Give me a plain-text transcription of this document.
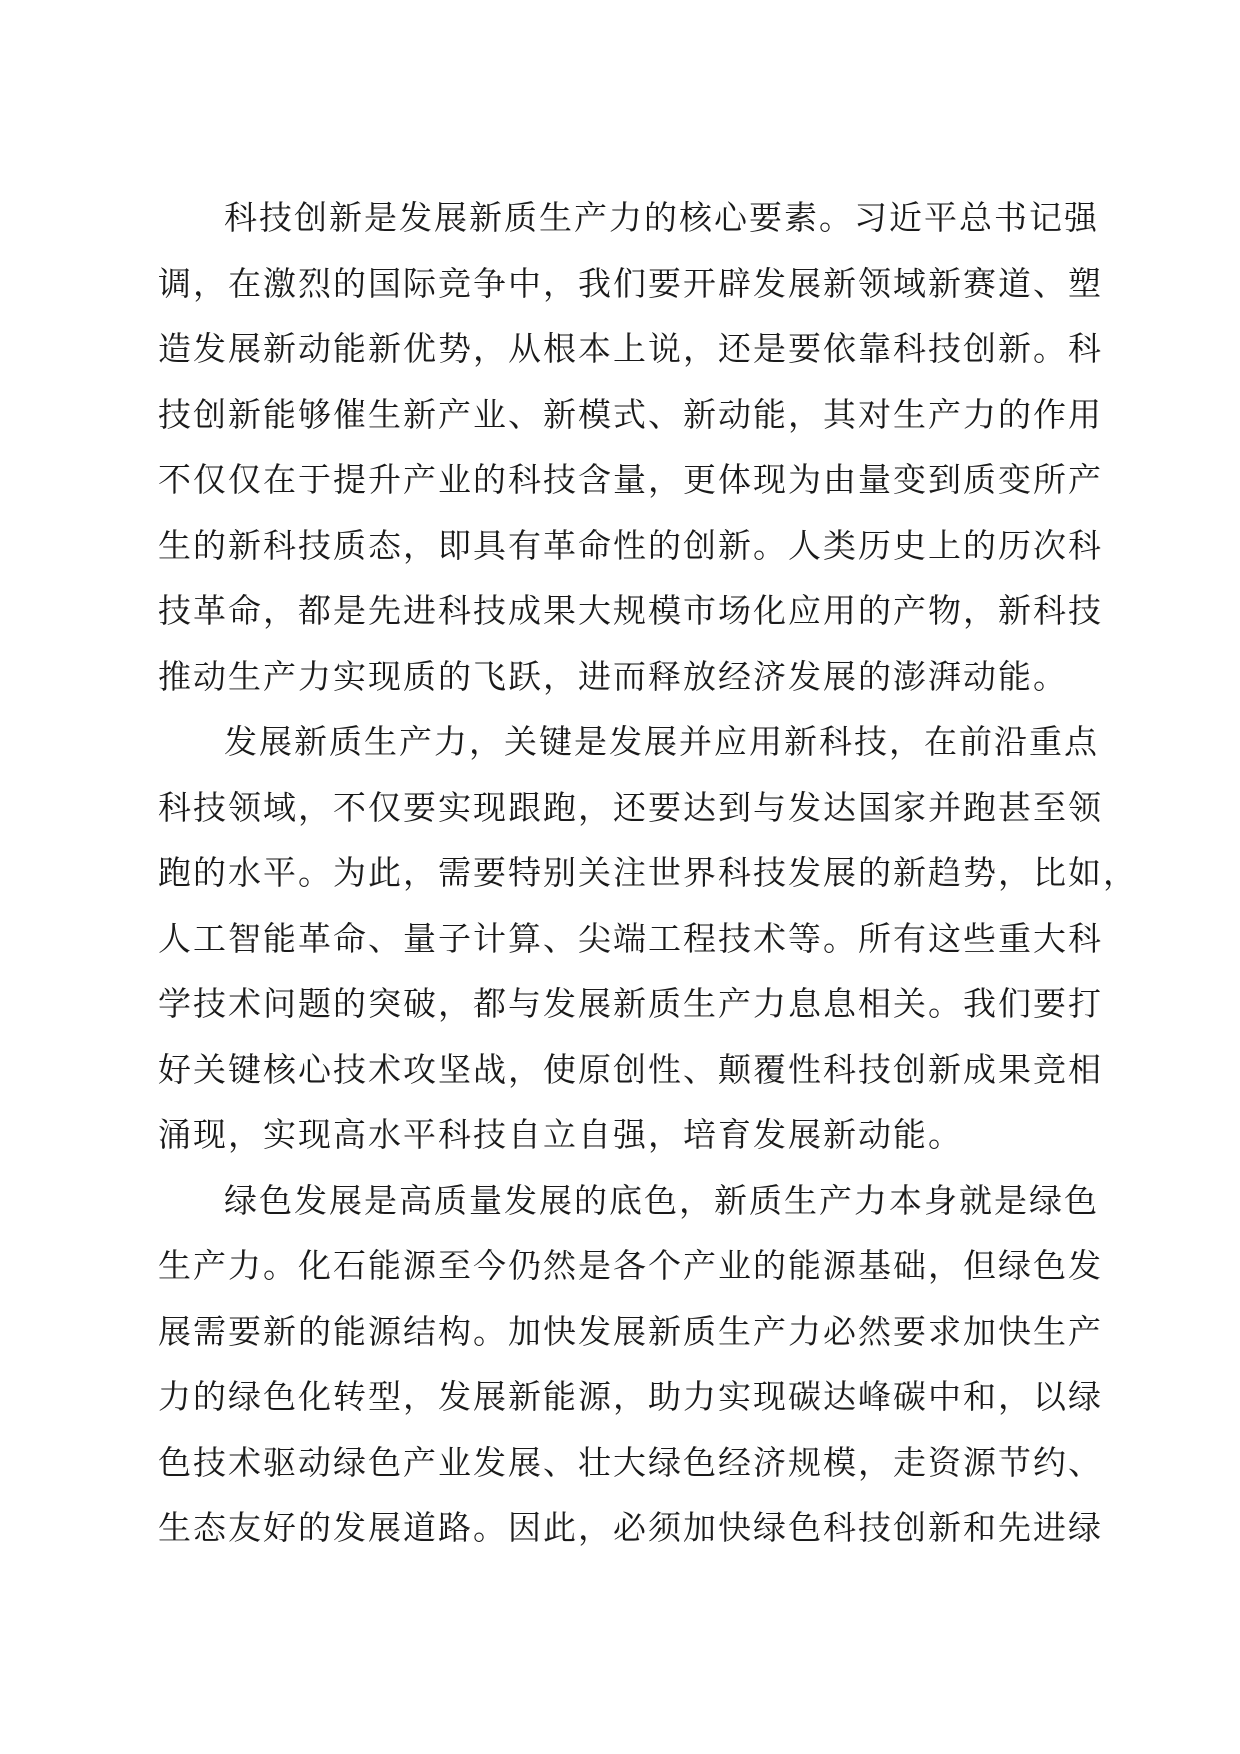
科技创新是发展新质生产力的核心要素。习近平总书记强
调，在激烈的国际竞争中，我们要开辟发展新领域新赛道、塑
造发展新动能新优势，从根本上说，还是要依靠科技创新。科
技创新能够催生新产业、新模式、新动能，其对生产力的作用
不仅仅在于提升产业的科技含量，更体现为由量变到质变所产
生的新科技质态，即具有革命性的创新。人类历史上的历次科
技革命，都是先进科技成果大规模市场化应用的产物，新科技
推动生产力实现质的飞跃，进而释放经济发展的澎湃动能。
发展新质生产力，关键是发展并应用新科技，在前沿重点
科技领域，不仅要实现跟跑，还要达到与发达国家并跑甚至领
跑的水平。为此，需要特别关注世界科技发展的新趋势，比如，
人工智能革命、量子计算、尖端工程技术等。所有这些重大科
学技术问题的突破，都与发展新质生产力息息相关。我们要打
好关键核心技术攻坚战，使原创性、颠覆性科技创新成果竞相
涌现，实现高水平科技自立自强，培育发展新动能。
绿色发展是高质量发展的底色，新质生产力本身就是绿色
生产力。化石能源至今仍然是各个产业的能源基础，但绿色发
展需要新的能源结构。加快发展新质生产力必然要求加快生产
力的绿色化转型，发展新能源，助力实现碳达峰碳中和，以绿
色技术驱动绿色产业发展、壮大绿色经济规模，走资源节约、
生态友好的发展道路。因此，必须加快绿色科技创新和先进绿
